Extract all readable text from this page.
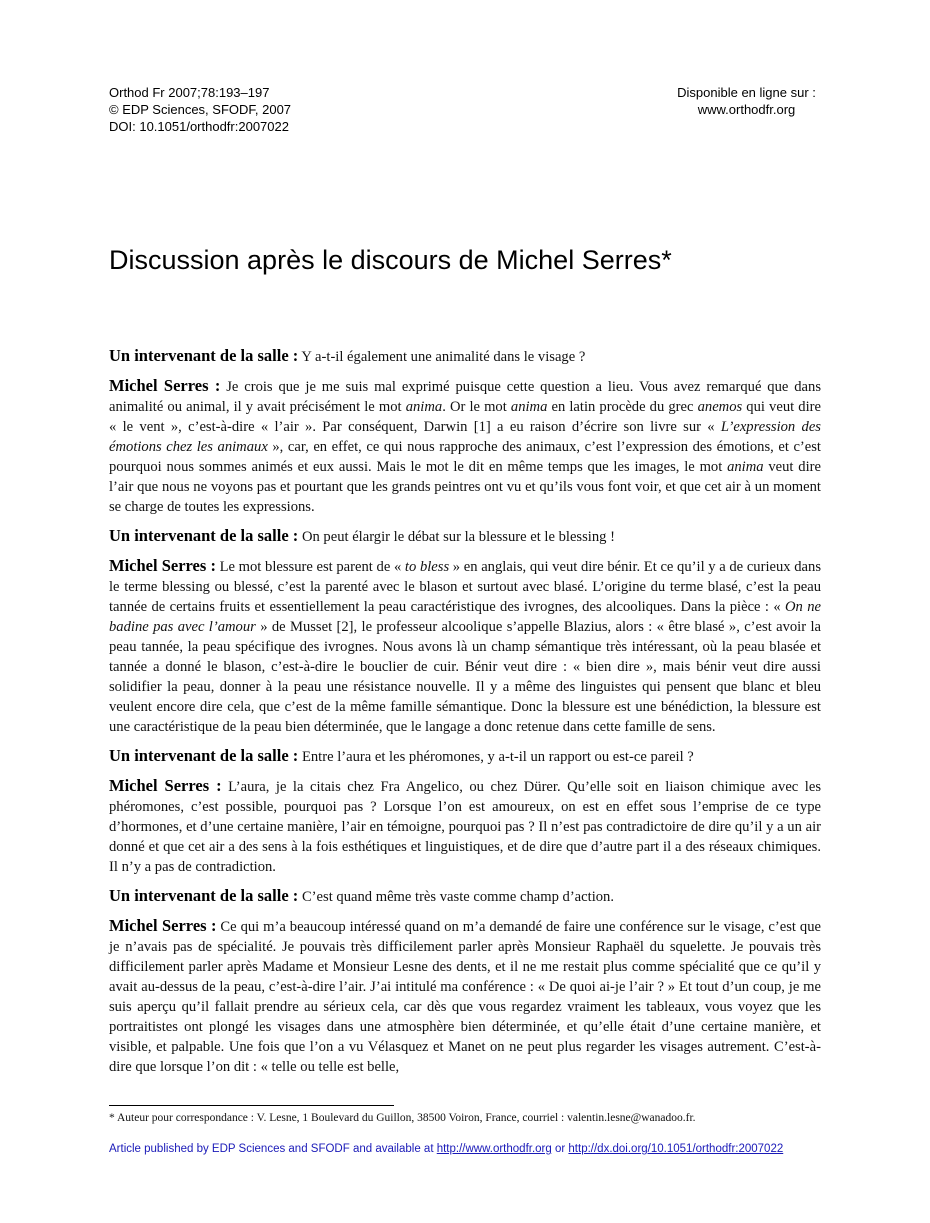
Orthod Fr 2007;78:193–197
© EDP Sciences, SFODF, 2007
DOI: 10.1051/orthodfr:2007022
Disponible en ligne sur :
www.orthodfr.org
Discussion après le discours de Michel Serres*

Un intervenant de la salle : Y a-t-il également une animalité dans le visage ?

Michel Serres : Je crois que je me suis mal exprimé puisque cette question a lieu. Vous avez remarqué que dans animalité ou animal, il y avait précisément le mot anima. Or le mot anima en latin procède du grec anemos qui veut dire « le vent », c’est-à-dire « l’air ». Par conséquent, Darwin [1] a eu raison d’écrire son livre sur « L’expression des émotions chez les animaux », car, en effet, ce qui nous rapproche des animaux, c’est l’expression des émotions, et c’est pourquoi nous sommes animés et eux aussi. Mais le mot le dit en même temps que les images, le mot anima veut dire l’air que nous ne voyons pas et pourtant que les grands peintres ont vu et qu’ils vous font voir, et que cet air à un moment se charge de toutes les expressions.

Un intervenant de la salle : On peut élargir le débat sur la blessure et le blessing !

Michel Serres : Le mot blessure est parent de « to bless » en anglais, qui veut dire bénir. Et ce qu’il y a de curieux dans le terme blessing ou blessé, c’est la parenté avec le blason et surtout avec blasé. L’origine du terme blasé, c’est la peau tannée de certains fruits et essentiellement la peau caractéristique des ivrognes, des alcooliques. Dans la pièce : « On ne badine pas avec l’amour » de Musset [2], le professeur alcoolique s’appelle Blazius, alors : « être blasé », c’est avoir la peau tannée, la peau spécifique des ivrognes. Nous avons là un champ sémantique très intéressant, où la peau blasée et tannée a donné le blason, c’est-à-dire le bouclier de cuir. Bénir veut dire : « bien dire », mais bénir veut dire aussi solidifier la peau, donner à la peau une résistance nouvelle. Il y a même des linguistes qui pensent que blanc et bleu veulent encore dire cela, que c’est de la même famille sémantique. Donc la blessure est une bénédiction, la blessure est une caractéristique de la peau bien déterminée, que le langage a donc retenue dans cette famille de sens.

Un intervenant de la salle : Entre l’aura et les phéromones, y a-t-il un rapport ou est-ce pareil ?

Michel Serres : L’aura, je la citais chez Fra Angelico, ou chez Dürer. Qu’elle soit en liaison chimique avec les phéromones, c’est possible, pourquoi pas ? Lorsque l’on est amoureux, on est en effet sous l’emprise de ce type d’hormones, et d’une certaine manière, l’air en témoigne, pourquoi pas ? Il n’est pas contradictoire de dire qu’il y a un air donné et que cet air a des sens à la fois esthétiques et linguistiques, et de dire que d’autre part il a des réseaux chimiques. Il n’y a pas de contradiction.

Un intervenant de la salle : C’est quand même très vaste comme champ d’action.

Michel Serres : Ce qui m’a beaucoup intéressé quand on m’a demandé de faire une conférence sur le visage, c’est que je n’avais pas de spécialité. Je pouvais très difficilement parler après Monsieur Raphaël du squelette. Je pouvais très difficilement parler après Madame et Monsieur Lesne des dents, et il ne me restait plus comme spécialité que ce qu’il y avait au-dessus de la peau, c’est-à-dire l’air. J’ai intitulé ma conférence : « De quoi ai-je l’air ? » Et tout d’un coup, je me suis aperçu qu’il fallait prendre au sérieux cela, car dès que vous regardez vraiment les tableaux, vous voyez que les portraitistes ont plongé les visages dans une atmosphère bien déterminée, et qu’elle était d’une certaine manière, et visible, et palpable. Une fois que l’on a vu Vélasquez et Manet on ne peut plus regarder les visages autrement. C’est-à-dire que lorsque l’on dit : « telle ou telle est belle,

* Auteur pour correspondance : V. Lesne, 1 Boulevard du Guillon, 38500 Voiron, France, courriel : valentin.lesne@wanadoo.fr.
Article published by EDP Sciences and SFODF and available at http://www.orthodfr.org or http://dx.doi.org/10.1051/orthodfr:2007022
